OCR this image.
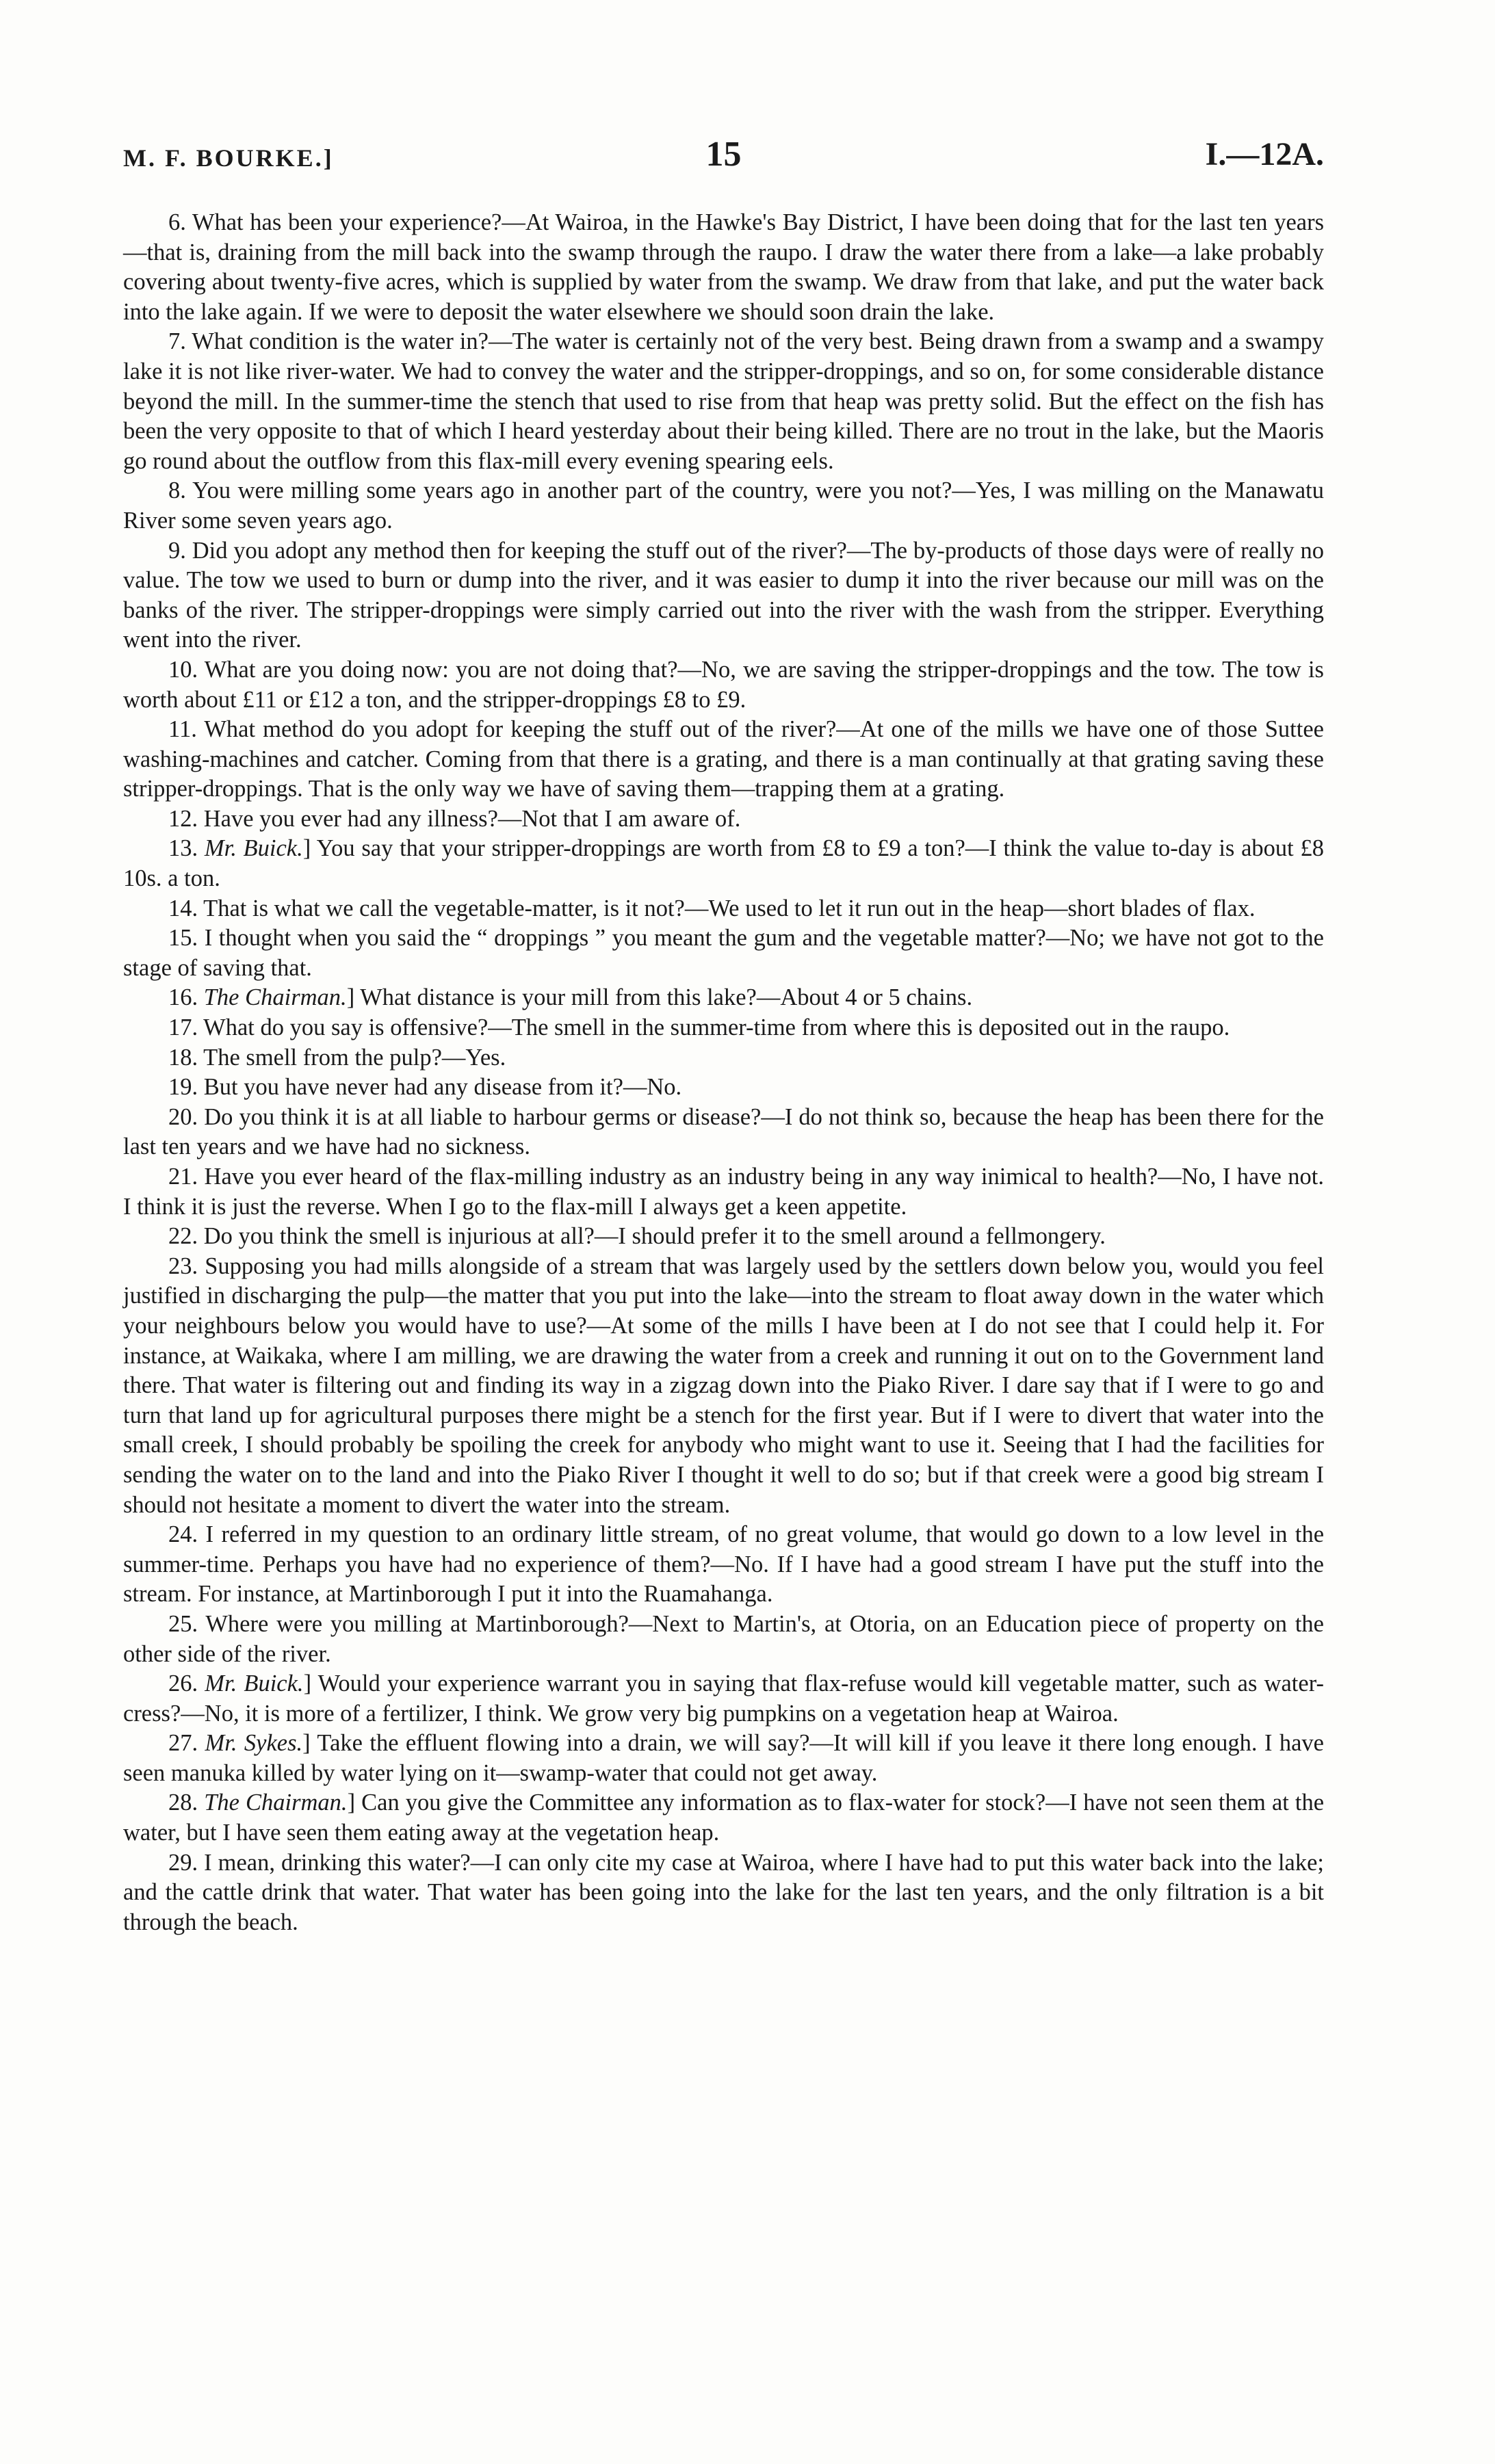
M. F. BOURKE.]	15	I.—12A.

6. What has been your experience?—At Wairoa, in the Hawke's Bay District, I have been doing that for the last ten years—that is, draining from the mill back into the swamp through the raupo. I draw the water there from a lake—a lake probably covering about twenty-five acres, which is supplied by water from the swamp. We draw from that lake, and put the water back into the lake again. If we were to deposit the water elsewhere we should soon drain the lake.

7. What condition is the water in?—The water is certainly not of the very best. Being drawn from a swamp and a swampy lake it is not like river-water. We had to convey the water and the stripper-droppings, and so on, for some considerable distance beyond the mill. In the summer-time the stench that used to rise from that heap was pretty solid. But the effect on the fish has been the very opposite to that of which I heard yesterday about their being killed. There are no trout in the lake, but the Maoris go round about the outflow from this flax-mill every evening spearing eels.

8. You were milling some years ago in another part of the country, were you not?—Yes, I was milling on the Manawatu River some seven years ago.

9. Did you adopt any method then for keeping the stuff out of the river?—The by-products of those days were of really no value. The tow we used to burn or dump into the river, and it was easier to dump it into the river because our mill was on the banks of the river. The stripper-droppings were simply carried out into the river with the wash from the stripper. Everything went into the river.

10. What are you doing now: you are not doing that?—No, we are saving the stripper-droppings and the tow. The tow is worth about £11 or £12 a ton, and the stripper-droppings £8 to £9.

11. What method do you adopt for keeping the stuff out of the river?—At one of the mills we have one of those Suttee washing-machines and catcher. Coming from that there is a grating, and there is a man continually at that grating saving these stripper-droppings. That is the only way we have of saving them—trapping them at a grating.

12. Have you ever had any illness?—Not that I am aware of.

13. Mr. Buick.] You say that your stripper-droppings are worth from £8 to £9 a ton?—I think the value to-day is about £8 10s. a ton.

14. That is what we call the vegetable-matter, is it not?—We used to let it run out in the heap—short blades of flax.

15. I thought when you said the “ droppings ” you meant the gum and the vegetable matter?—No; we have not got to the stage of saving that.

16. The Chairman.] What distance is your mill from this lake?—About 4 or 5 chains.

17. What do you say is offensive?—The smell in the summer-time from where this is deposited out in the raupo.

18. The smell from the pulp?—Yes.

19. But you have never had any disease from it?—No.

20. Do you think it is at all liable to harbour germs or disease?—I do not think so, because the heap has been there for the last ten years and we have had no sickness.

21. Have you ever heard of the flax-milling industry as an industry being in any way inimical to health?—No, I have not. I think it is just the reverse. When I go to the flax-mill I always get a keen appetite.

22. Do you think the smell is injurious at all?—I should prefer it to the smell around a fellmongery.

23. Supposing you had mills alongside of a stream that was largely used by the settlers down below you, would you feel justified in discharging the pulp—the matter that you put into the lake—into the stream to float away down in the water which your neighbours below you would have to use?—At some of the mills I have been at I do not see that I could help it. For instance, at Waikaka, where I am milling, we are drawing the water from a creek and running it out on to the Government land there. That water is filtering out and finding its way in a zigzag down into the Piako River. I dare say that if I were to go and turn that land up for agricultural purposes there might be a stench for the first year. But if I were to divert that water into the small creek, I should probably be spoiling the creek for anybody who might want to use it. Seeing that I had the facilities for sending the water on to the land and into the Piako River I thought it well to do so; but if that creek were a good big stream I should not hesitate a moment to divert the water into the stream.

24. I referred in my question to an ordinary little stream, of no great volume, that would go down to a low level in the summer-time. Perhaps you have had no experience of them?—No. If I have had a good stream I have put the stuff into the stream. For instance, at Martinborough I put it into the Ruamahanga.

25. Where were you milling at Martinborough?—Next to Martin's, at Otoria, on an Education piece of property on the other side of the river.

26. Mr. Buick.] Would your experience warrant you in saying that flax-refuse would kill vegetable matter, such as water-cress?—No, it is more of a fertilizer, I think. We grow very big pumpkins on a vegetation heap at Wairoa.

27. Mr. Sykes.] Take the effluent flowing into a drain, we will say?—It will kill if you leave it there long enough. I have seen manuka killed by water lying on it—swamp-water that could not get away.

28. The Chairman.] Can you give the Committee any information as to flax-water for stock?—I have not seen them at the water, but I have seen them eating away at the vegetation heap.

29. I mean, drinking this water?—I can only cite my case at Wairoa, where I have had to put this water back into the lake; and the cattle drink that water. That water has been going into the lake for the last ten years, and the only filtration is a bit through the beach.
